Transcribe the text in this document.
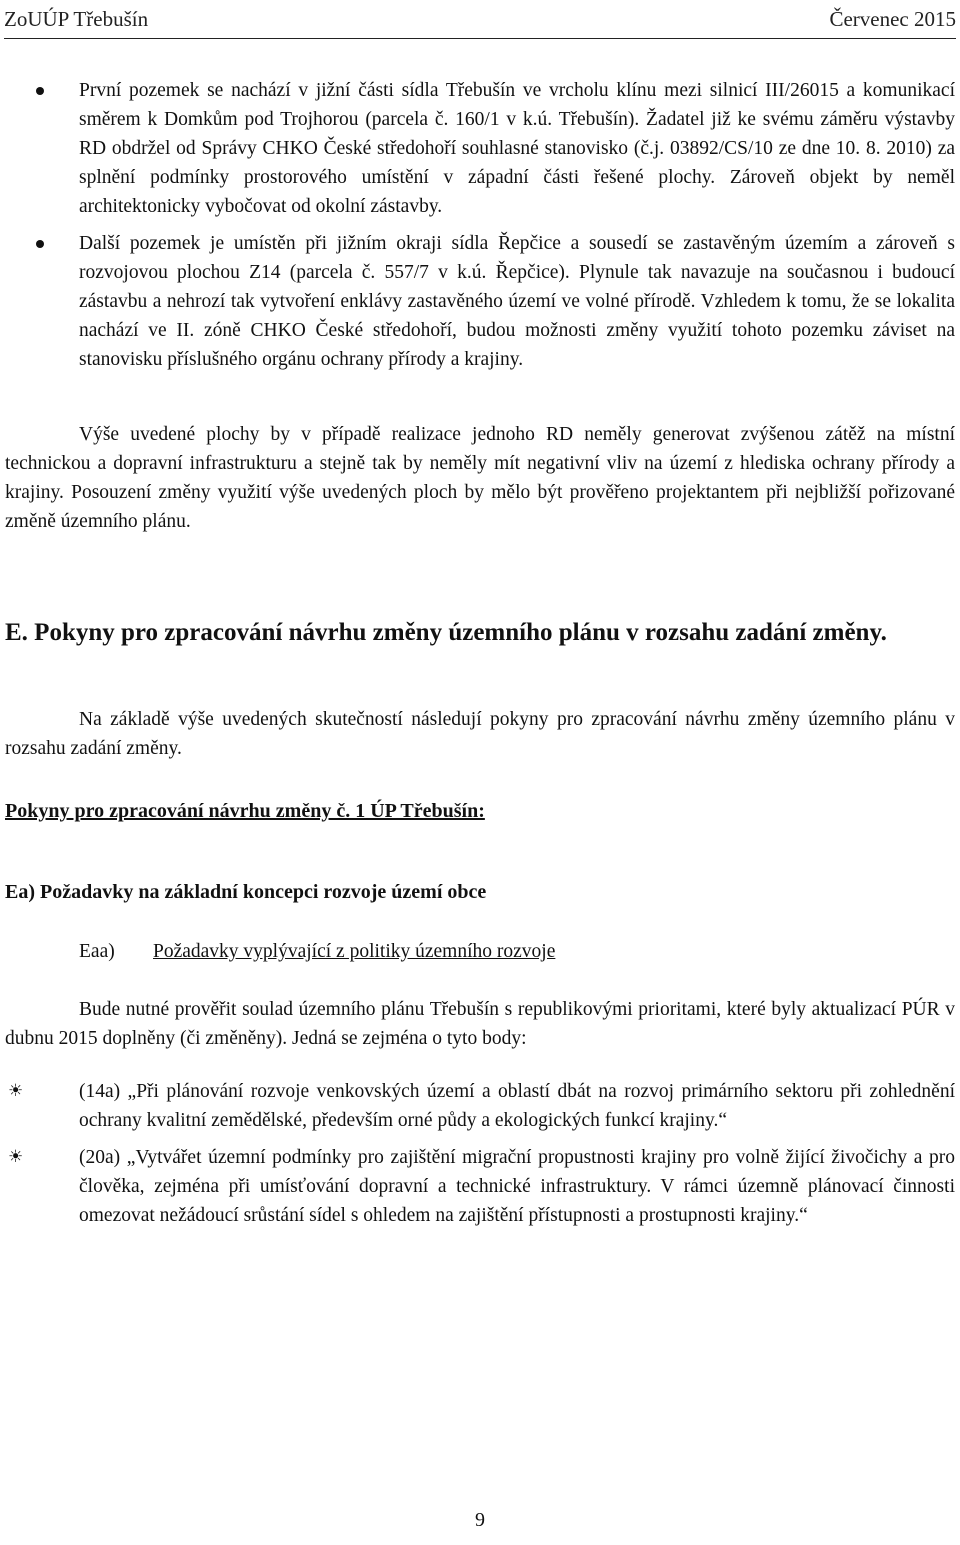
ZoUÚP Třebušín	Červenec 2015
První pozemek se nachází v jižní části sídla Třebušín ve vrcholu klínu mezi silnicí III/26015 a komunikací směrem k Domkům pod Trojhorou (parcela č. 160/1 v k.ú. Třebušín). Žadatel již ke svému záměru výstavby RD obdržel od Správy CHKO České středohoří souhlasné stanovisko (č.j. 03892/CS/10 ze dne 10. 8. 2010) za splnění podmínky prostorového umístění v západní části řešené plochy. Zároveň objekt by neměl architektonicky vybočovat od okolní zástavby.
Další pozemek je umístěn při jižním okraji sídla Řepčice a sousedí se zastavěným územím a zároveň s rozvojovou plochou Z14 (parcela č. 557/7 v k.ú. Řepčice). Plynule tak navazuje na současnou i budoucí zástavbu a nehrozí tak vytvoření enklávy zastavěného území ve volné přírodě. Vzhledem k tomu, že se lokalita nachází ve II. zóně CHKO České středohoří, budou možnosti změny využití tohoto pozemku záviset na stanovisku příslušného orgánu ochrany přírody a krajiny.

Výše uvedené plochy by v případě realizace jednoho RD neměly generovat zvýšenou zátěž na místní technickou a dopravní infrastrukturu a stejně tak by neměly mít negativní vliv na území z hlediska ochrany přírody a krajiny. Posouzení změny využití výše uvedených ploch by mělo být prověřeno projektantem při nejbližší pořizované změně územního plánu.

E. Pokyny pro zpracování návrhu změny územního plánu v rozsahu zadání změny.

Na základě výše uvedených skutečností následují pokyny pro zpracování návrhu změny územního plánu v rozsahu zadání změny.

Pokyny pro zpracování návrhu změny č. 1 ÚP Třebušín:
Ea) Požadavky na základní koncepci rozvoje území obce
Eaa) Požadavky vyplývající z politiky územního rozvoje

Bude nutné prověřit soulad územního plánu Třebušín s republikovými prioritami, které byly aktualizací PÚR v dubnu 2015 doplněny (či změněny). Jedná se zejména o tyto body:

☀	(14a) „Při plánování rozvoje venkovských území a oblastí dbát na rozvoj primárního sektoru při zohlednění ochrany kvalitní zemědělské, především orné půdy a ekologických funkcí krajiny.“
☀	(20a) „Vytvářet územní podmínky pro zajištění migrační propustnosti krajiny pro volně žijící živočichy a pro člověka, zejména při umísťování dopravní a technické infrastruktury. V rámci územně plánovací činnosti omezovat nežádoucí srůstání sídel s ohledem na zajištění přístupnosti a prostupnosti krajiny.“
9
